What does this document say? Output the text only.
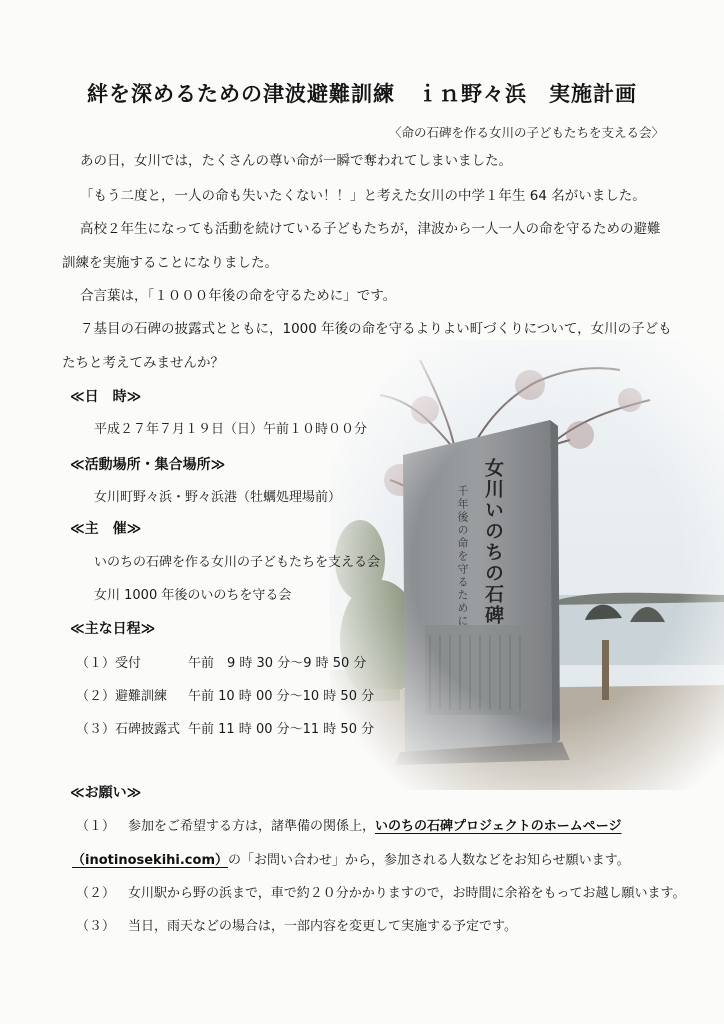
女川いのちの石碑
千年後の命を守るために
絆を深めるための津波避難訓練　ｉｎ野々浜　実施計画
〈命の石碑を作る女川の子どもたちを支える会〉
あの日，女川では，たくさんの尊い命が一瞬で奪われてしまいました。
「もう二度と，一人の命も失いたくない！！」と考えた女川の中学１年生 64 名がいました。
高校２年生になっても活動を続けている子どもたちが，津波から一人一人の命を守るための避難
訓練を実施することになりました。
合言葉は，「１０００年後の命を守るために」です。
７基目の石碑の披露式とともに，1000 年後の命を守るよりよい町づくりについて，女川の子ども
たちと考えてみませんか？
≪日　時≫
平成２７年７月１９日（日）午前１０時００分
≪活動場所・集合場所≫
女川町野々浜・野々浜港（牡蠣処理場前）
≪主　催≫
いのちの石碑を作る女川の子どもたちを支える会
女川 1000 年後のいのちを守る会
≪主な日程≫
（１）受付	午前　9 時 30 分～9 時 50 分
（２）避難訓練 午前 10 時 00 分～10 時 50 分
（３）石碑披露式 午前 11 時 00 分～11 時 50 分
≪お願い≫
（１） 参加をご希望する方は，諸準備の関係上，いのちの石碑プロジェクトのホームページ
（inotinosekihi.com）の「お問い合わせ」から，参加される人数などをお知らせ願います。
（２） 女川駅から野の浜まで，車で約２０分かかりますので，お時間に余裕をもってお越し願います。
（３） 当日，雨天などの場合は，一部内容を変更して実施する予定です。
